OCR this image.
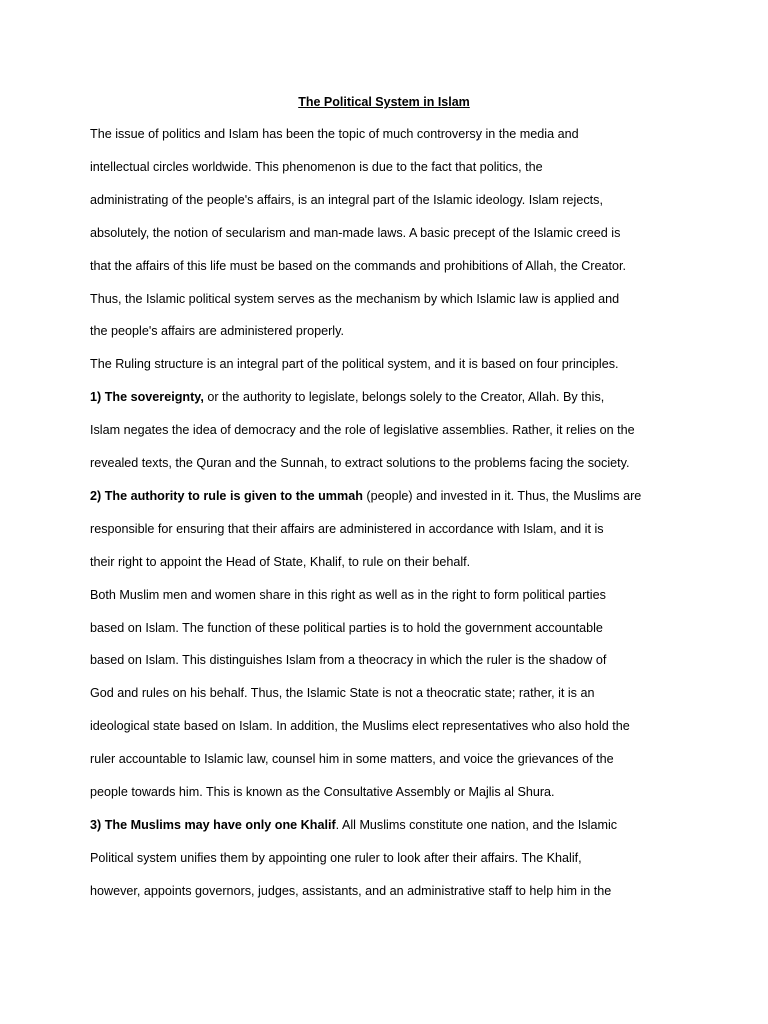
The Political System in Islam
The issue of politics and Islam has been the topic of much controversy in the media and
intellectual circles worldwide. This phenomenon is due to the fact that politics, the
administrating of the people's affairs, is an integral part of the Islamic ideology. Islam rejects,
absolutely, the notion of secularism and man-made laws. A basic precept of the Islamic creed is
that the affairs of this life must be based on the commands and prohibitions of Allah, the Creator.
Thus, the Islamic political system serves as the mechanism by which Islamic law is applied and
the people's affairs are administered properly.
The Ruling structure is an integral part of the political system, and it is based on four principles.
1) The sovereignty, or the authority to legislate, belongs solely to the Creator, Allah. By this,
Islam negates the idea of democracy and the role of legislative assemblies. Rather, it relies on the
revealed texts, the Quran and the Sunnah, to extract solutions to the problems facing the society.
2) The authority to rule is given to the ummah (people) and invested in it. Thus, the Muslims are
responsible for ensuring that their affairs are administered in accordance with Islam, and it is
their right to appoint the Head of State, Khalif, to rule on their behalf.
Both Muslim men and women share in this right as well as in the right to form political parties
based on Islam. The function of these political parties is to hold the government accountable
based on Islam. This distinguishes Islam from a theocracy in which the ruler is the shadow of
God and rules on his behalf. Thus, the Islamic State is not a theocratic state; rather, it is an
ideological state based on Islam. In addition, the Muslims elect representatives who also hold the
ruler accountable to Islamic law, counsel him in some matters, and voice the grievances of the
people towards him. This is known as the Consultative Assembly or Majlis al Shura.
3) The Muslims may have only one Khalif. All Muslims constitute one nation, and the Islamic
Political system unifies them by appointing one ruler to look after their affairs. The Khalif,
however, appoints governors, judges, assistants, and an administrative staff to help him in the
